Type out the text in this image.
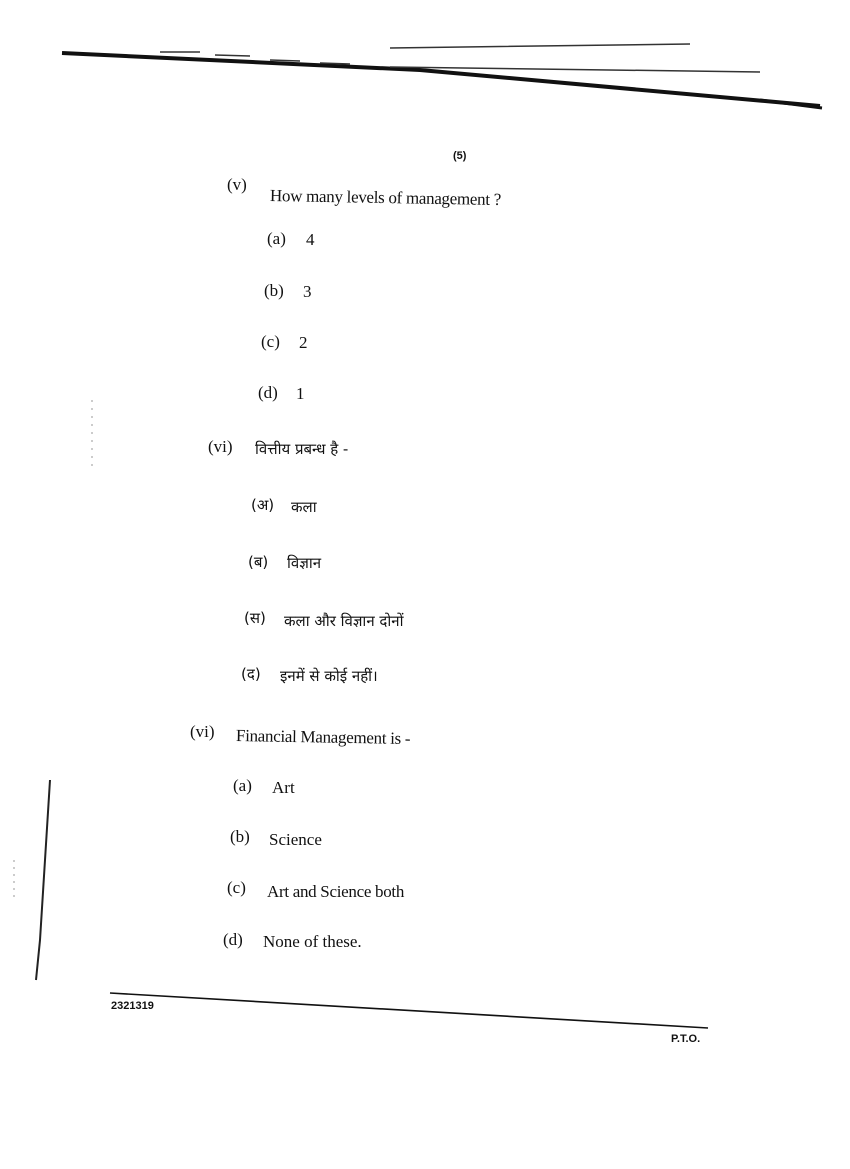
(5)
(v)
How many levels of management ?
(a) 4
(b) 3
(c) 2
(d) 1
(vi) वित्तीय प्रबन्ध है -
(अ) कला
(ब) विज्ञान
(स) कला और विज्ञान दोनों
(द) इनमें से कोई नहीं।
(vi) Financial Management is -
(a) Art
(b) Science
(c) Art and Science both
(d) None of these.
2321319
P.T.O.
